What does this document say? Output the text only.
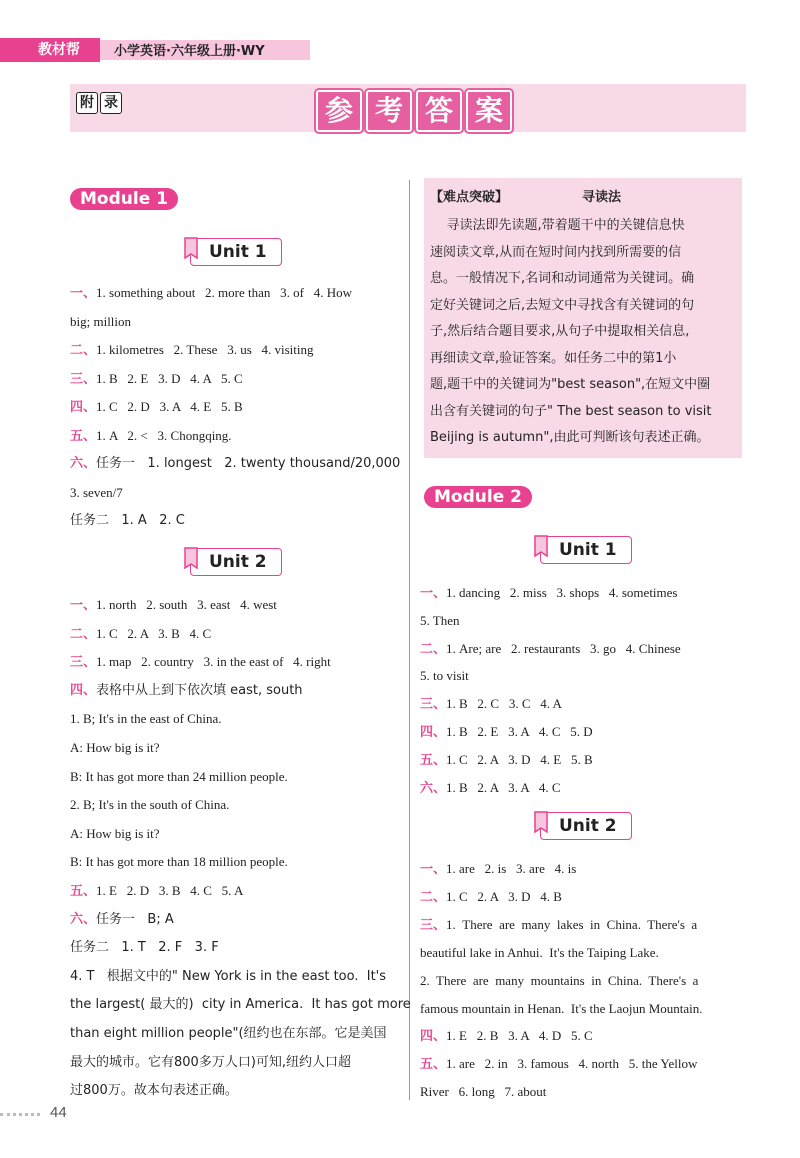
教材帮	小学英语·六年级上册·WY
附 录	参 考 答 案
Module 1
Unit 1
一、1. something about   2. more than   3. of   4. How
big; million
二、1. kilometres   2. These   3. us   4. visiting
三、1. B   2. E   3. D   4. A   5. C
四、1. C   2. D   3. A   4. E   5. B
五、1. A   2. <   3. Chongqing.
六、任务一   1. longest   2. twenty thousand/20,000
3. seven/7
任务二   1. A   2. C
Unit 2
一、1. north   2. south   3. east   4. west
二、1. C   2. A   3. B   4. C
三、1. map   2. country   3. in the east of   4. right
四、表格中从上到下依次填 east, south
1. B; It's in the east of China.
A: How big is it?
B: It has got more than 24 million people.
2. B; It's in the south of China.
A: How big is it?
B: It has got more than 18 million people.
五、1. E   2. D   3. B   4. C   5. A
六、任务一   B; A
任务二   1. T   2. F   3. F
4. T   根据文中的" New York is in the east too.  It's
the largest( 最大的)  city in America.  It has got more
than eight million people"(纽约也在东部。它是美国
最大的城市。它有800多万人口)可知,纽约人口超
过800万。故本句表述正确。
【难点突破】	寻读法
寻读法即先读题,带着题干中的关键信息快
速阅读文章,从而在短时间内找到所需要的信
息。一般情况下,名词和动词通常为关键词。确
定好关键词之后,去短文中寻找含有关键词的句
子,然后结合题目要求,从句子中提取相关信息,
再细读文章,验证答案。如任务二中的第1小
题,题干中的关键词为"best season",在短文中圈
出含有关键词的句子" The best season to visit
Beijing is autumn",由此可判断该句表述正确。
Module 2
Unit 1
一、1. dancing   2. miss   3. shops   4. sometimes
5. Then
二、1. Are; are   2. restaurants   3. go   4. Chinese
5. to visit
三、1. B   2. C   3. C   4. A
四、1. B   2. E   3. A   4. C   5. D
五、1. C   2. A   3. D   4. E   5. B
六、1. B   2. A   3. A   4. C
Unit 2
一、1. are   2. is   3. are   4. is
二、1. C   2. A   3. D   4. B
三、1.  There  are  many  lakes  in  China.  There's  a
beautiful lake in Anhui.  It's the Taiping Lake.
2.  There  are  many  mountains  in  China.  There's  a
famous mountain in Henan.  It's the Laojun Mountain.
四、1. E   2. B   3. A   4. D   5. C
五、1. are   2. in   3. famous   4. north   5. the Yellow
River   6. long   7. about
44
